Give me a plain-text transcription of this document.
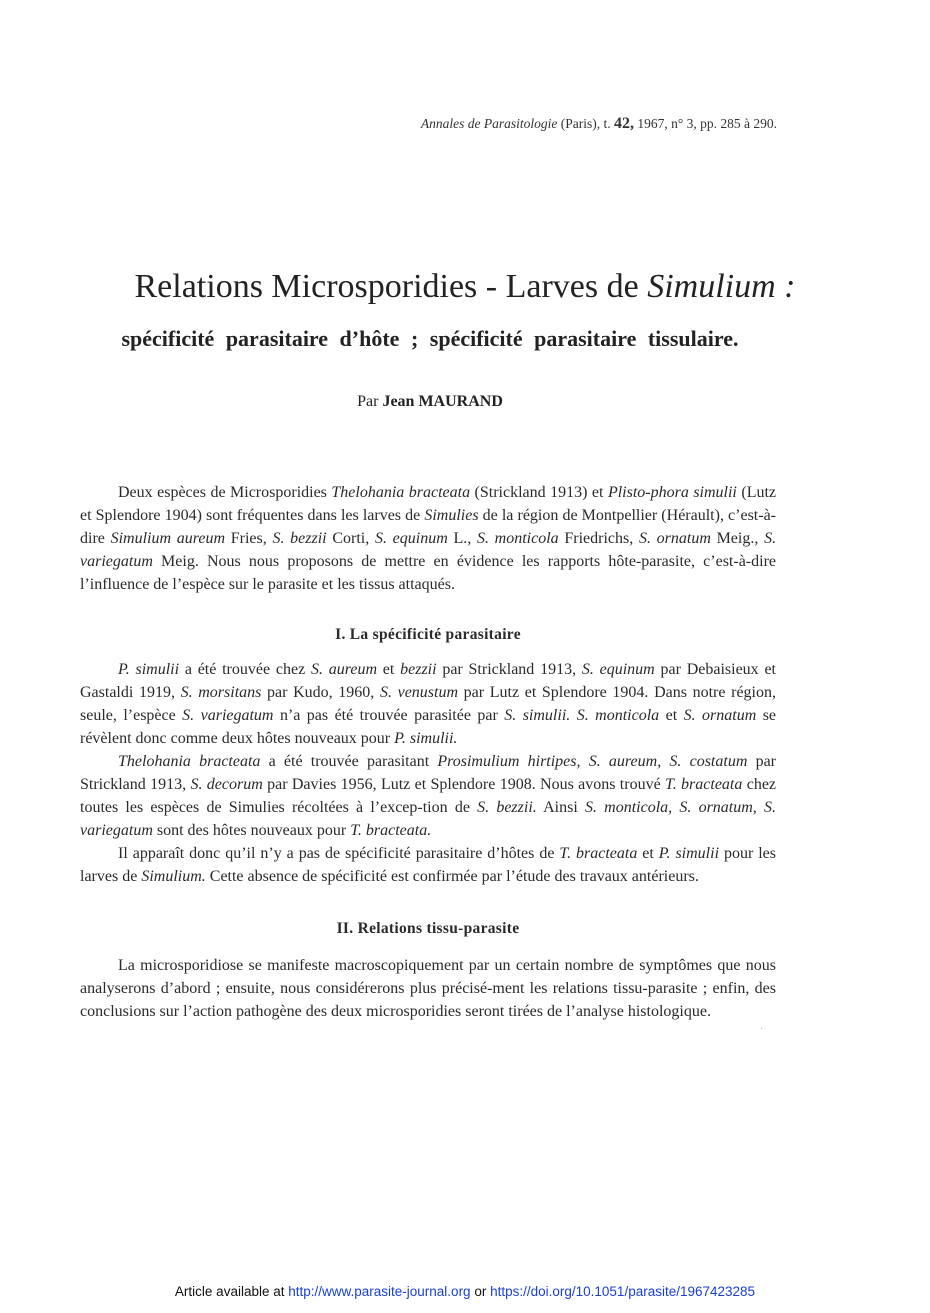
Annales de Parasitologie (Paris), t. 42, 1967, n° 3, pp. 285 à 290.
Relations Microsporidies - Larves de Simulium :
spécificité parasitaire d’hôte ; spécificité parasitaire tissulaire.

Par Jean MAURAND

Deux espèces de Microsporidies Thelohania bracteata (Strickland 1913) et Plisto-phora simulii (Lutz et Splendore 1904) sont fréquentes dans les larves de Simulies de la région de Montpellier (Hérault), c’est-à-dire Simulium aureum Fries, S. bezzii Corti, S. equinum L., S. monticola Friedrichs, S. ornatum Meig., S. variegatum Meig. Nous nous proposons de mettre en évidence les rapports hôte-parasite, c’est-à-dire l’influence de l’espèce sur le parasite et les tissus attaqués.

I. La spécificité parasitaire

P. simulii a été trouvée chez S. aureum et bezzii par Strickland 1913, S. equinum par Debaisieux et Gastaldi 1919, S. morsitans par Kudo, 1960, S. venustum par Lutz et Splendore 1904. Dans notre région, seule, l’espèce S. variegatum n’a pas été trouvée parasitée par S. simulii. S. monticola et S. ornatum se révèlent donc comme deux hôtes nouveaux pour P. simulii.

Thelohania bracteata a été trouvée parasitant Prosimulium hirtipes, S. aureum, S. costatum par Strickland 1913, S. decorum par Davies 1956, Lutz et Splendore 1908. Nous avons trouvé T. bracteata chez toutes les espèces de Simulies récoltées à l’excep-tion de S. bezzii. Ainsi S. monticola, S. ornatum, S. variegatum sont des hôtes nouveaux pour T. bracteata.

Il apparaît donc qu’il n’y a pas de spécificité parasitaire d’hôtes de T. bracteata et P. simulii pour les larves de Simulium. Cette absence de spécificité est confirmée par l’étude des travaux antérieurs.

II. Relations tissu-parasite

La microsporidiose se manifeste macroscopiquement par un certain nombre de symptômes que nous analyserons d’abord ; ensuite, nous considérerons plus précisé-ment les relations tissu-parasite ; enfin, des conclusions sur l’action pathogène des deux microsporidies seront tirées de l’analyse histologique.

·
Article available at http://www.parasite-journal.org or https://doi.org/10.1051/parasite/1967423285
